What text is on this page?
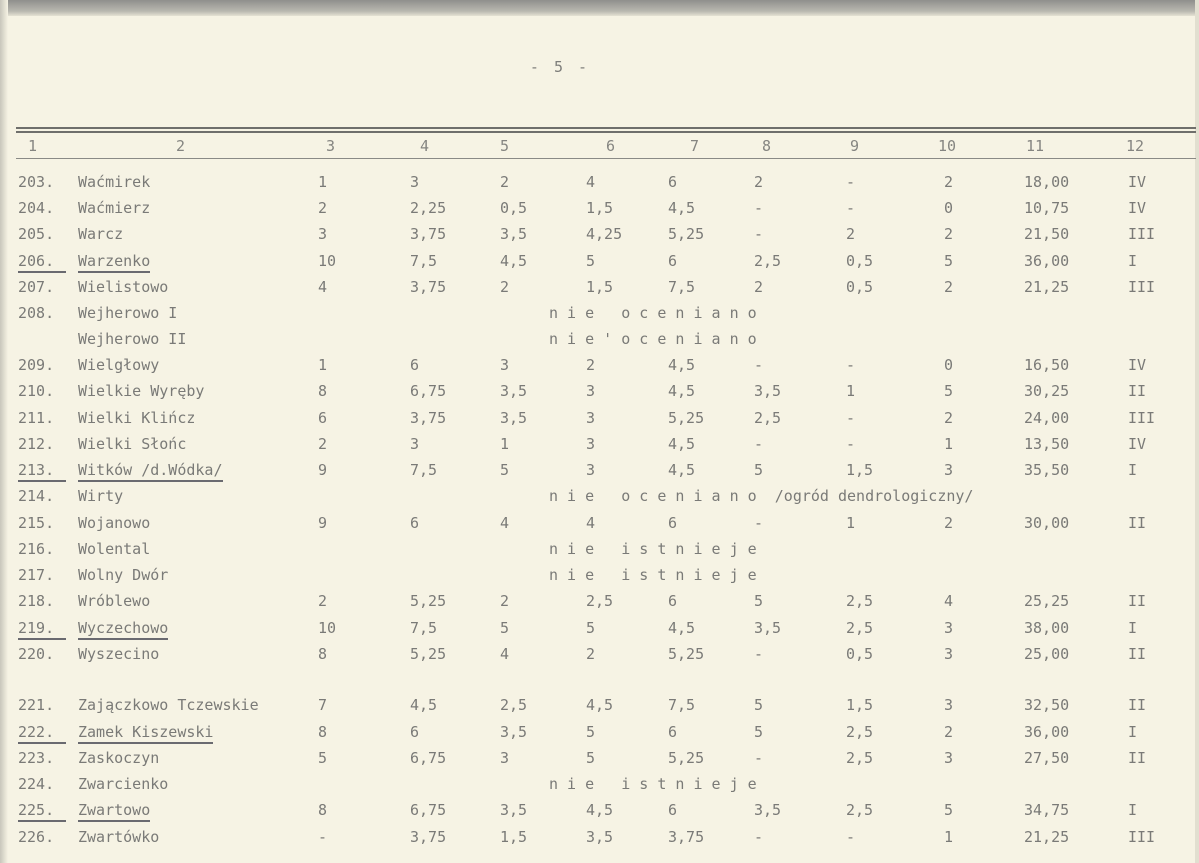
- 5 -
1	2	3	4	5	6	7	8	9	10	11	12
203. Waćmirek	1	3	2	4	6	2	-	2	18,00	IV
204. Waćmierz	2	2,25	0,5	1,5	4,5	-	-	0	10,75	IV
205. Warcz	3	3,75	3,5	4,25	5,25	-	2	2	21,50	III
206.	Warzenko	10	7,5	4,5	5	6	2,5	0,5	5	36,00	I
207. Wielistowo	4	3,75	2	1,5	7,5	2	0,5	2	21,25	III
208. Wejherowo I	n i e   o c e n i a n o
Wejherowo II	n i e ' o c e n i a n o
209. Wielgłowy	1	6	3	2	4,5	-	-	0	16,50	IV
210. Wielkie Wyręby	8	6,75	3,5	3	4,5	3,5	1	5	30,25	II
211. Wielki Klińcz	6	3,75	3,5	3	5,25	2,5	-	2	24,00	III
212. Wielki Słońc	2	3	1	3	4,5	-	-	1	13,50	IV
213.	Witków /d.Wódka/	9	7,5	5	3	4,5	5	1,5	3	35,50	I
214. Wirty	n i e   o c e n i a n o  /ogród dendrologiczny/
215. Wojanowo	9	6	4	4	6	-	1	2	30,00	II
216. Wolental	n i e   i s t n i e j e
217. Wolny Dwór	n i e   i s t n i e j e
218. Wróblewo	2	5,25	2	2,5	6	5	2,5	4	25,25	II
219.	Wyczechowo	10	7,5	5	5	4,5	3,5	2,5	3	38,00	I
220. Wyszecino	8	5,25	4	2	5,25	-	0,5	3	25,00	II
221. Zajączkowo Tczewskie	7	4,5	2,5	4,5	7,5	5	1,5	3	32,50	II
222.	Zamek Kiszewski	8	6	3,5	5	6	5	2,5	2	36,00	I
223. Zaskoczyn	5	6,75	3	5	5,25	-	2,5	3	27,50	II
224. Zwarcienko	n i e   i s t n i e j e
225.	Zwartowo	8	6,75	3,5	4,5	6	3,5	2,5	5	34,75	I
226. Zwartówko	-	3,75	1,5	3,5	3,75	-	-	1	21,25	III
